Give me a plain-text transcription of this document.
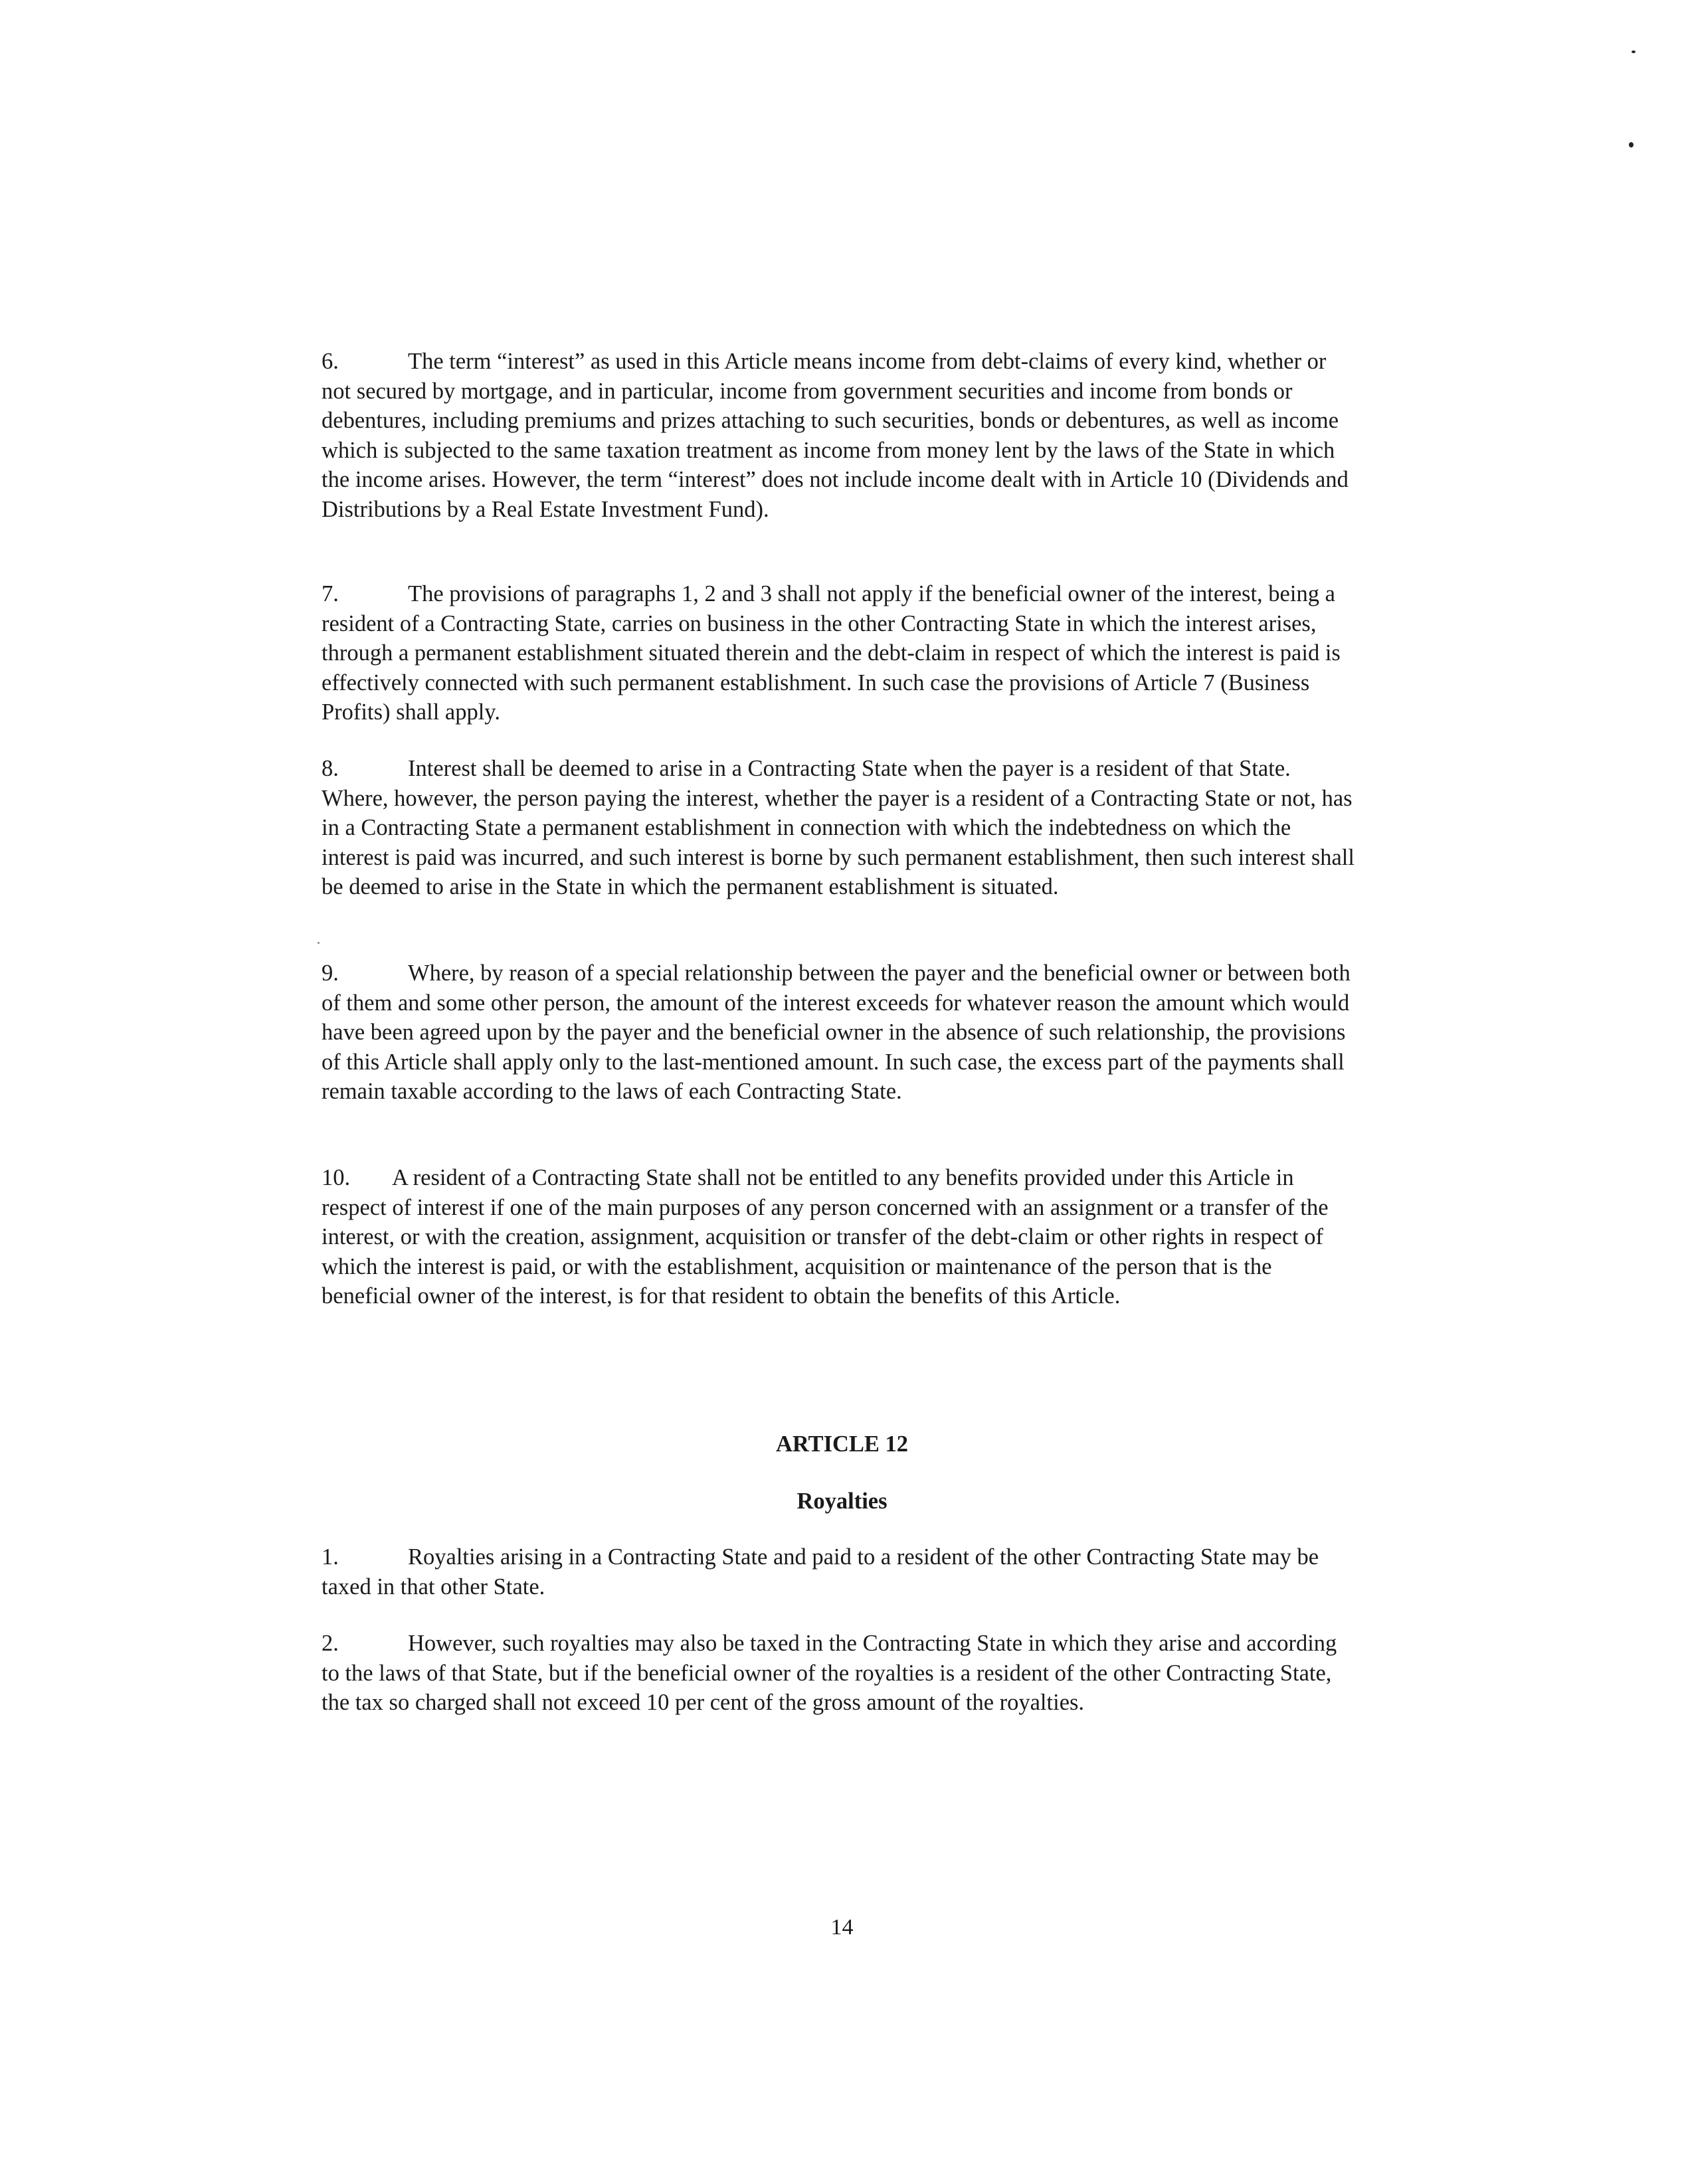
6.	The term “interest” as used in this Article means income from debt-claims of every kind, whether or not secured by mortgage, and in particular, income from government securities and income from bonds or debentures, including premiums and prizes attaching to such securities, bonds or debentures, as well as income which is subjected to the same taxation treatment as income from money lent by the laws of the State in which the income arises. However, the term “interest” does not include income dealt with in Article 10 (Dividends and Distributions by a Real Estate Investment Fund).

7.	The provisions of paragraphs 1, 2 and 3 shall not apply if the beneficial owner of the interest, being a resident of a Contracting State, carries on business in the other Contracting State in which the interest arises, through a permanent establishment situated therein and the debt-claim in respect of which the interest is paid is effectively connected with such permanent establishment. In such case the provisions of Article 7 (Business Profits) shall apply.

8.	Interest shall be deemed to arise in a Contracting State when the payer is a resident of that State. Where, however, the person paying the interest, whether the payer is a resident of a Contracting State or not, has in a Contracting State a permanent establishment in connection with which the indebtedness on which the interest is paid was incurred, and such interest is borne by such permanent establishment, then such interest shall be deemed to arise in the State in which the permanent establishment is situated.

9.	Where, by reason of a special relationship between the payer and the beneficial owner or between both of them and some other person, the amount of the interest exceeds for whatever reason the amount which would have been agreed upon by the payer and the beneficial owner in the absence of such relationship, the provisions of this Article shall apply only to the last-mentioned amount. In such case, the excess part of the payments shall remain taxable according to the laws of each Contracting State.

10. A resident of a Contracting State shall not be entitled to any benefits provided under this Article in respect of interest if one of the main purposes of any person concerned with an assignment or a transfer of the interest, or with the creation, assignment, acquisition or transfer of the debt-claim or other rights in respect of which the interest is paid, or with the establishment, acquisition or maintenance of the person that is the beneficial owner of the interest, is for that resident to obtain the benefits of this Article.

ARTICLE 12
Royalties

1.	Royalties arising in a Contracting State and paid to a resident of the other Contracting State may be taxed in that other State.

2.	However, such royalties may also be taxed in the Contracting State in which they arise and according to the laws of that State, but if the beneficial owner of the royalties is a resident of the other Contracting State, the tax so charged shall not exceed 10 per cent of the gross amount of the royalties.

14
